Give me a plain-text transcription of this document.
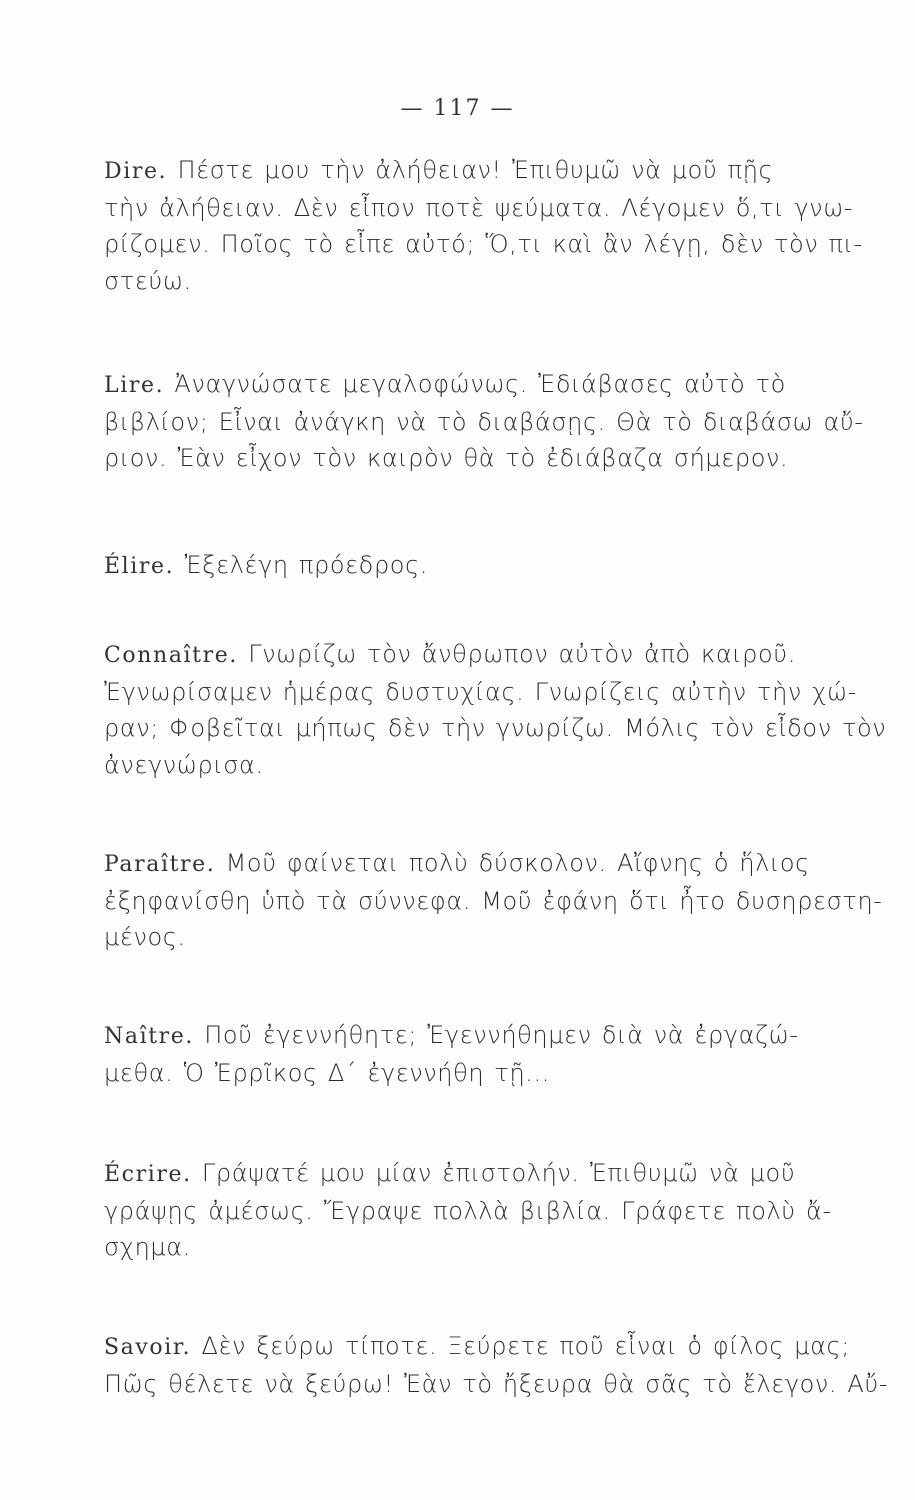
— 117 —
Dire. Πέστε μου τὴν ἀλήθειαν! Ἐπιθυμῶ νὰ μοῦ πῇς
τὴν ἀλήθειαν. Δὲν εἶπον ποτὲ ψεύματα. Λέγομεν ὅ,τι γνω-
ρίζομεν. Ποῖος τὸ εἶπε αὐτό; Ὅ,τι καὶ ἂν λέγῃ, δὲν τὸν πι-
στεύω.
Lire. Ἀναγνώσατε μεγαλοφώνως. Ἐδιάβασες αὐτὸ τὸ
βιβλίον; Εἶναι ἀνάγκη νὰ τὸ διαβάσῃς. Θὰ τὸ διαβάσω αὔ-
ριον. Ἐὰν εἶχον τὸν καιρὸν θὰ τὸ ἐδιάβαζα σήμερον.
Élire. Ἐξελέγη πρόεδρος.
Connaître. Γνωρίζω τὸν ἄνθρωπον αὐτὸν ἀπὸ καιροῦ.
Ἐγνωρίσαμεν ἡμέρας δυστυχίας. Γνωρίζεις αὐτὴν τὴν χώ-
ραν; Φοβεῖται μήπως δὲν τὴν γνωρίζω. Μόλις τὸν εἶδον τὸν
ἀνεγνώρισα.
Paraître. Μοῦ φαίνεται πολὺ δύσκολον. Αἴφνης ὁ ἥλιος
ἐξηφανίσθη ὑπὸ τὰ σύννεφα. Μοῦ ἐφάνη ὅτι ἦτο δυσηρεστη-
μένος.
Naître. Ποῦ ἐγεννήθητε; Ἐγεννήθημεν διὰ νὰ ἐργαζώ-
μεθα. Ὁ Ἐρρῖκος Δ´ ἐγεννήθη τῇ...
Écrire. Γράψατέ μου μίαν ἐπιστολήν. Ἐπιθυμῶ νὰ μοῦ
γράψῃς ἀμέσως. Ἔγραψε πολλὰ βιβλία. Γράφετε πολὺ ἄ-
σχημα.
Savoir. Δὲν ξεύρω τίποτε. Ξεύρετε ποῦ εἶναι ὁ φίλος μας;
Πῶς θέλετε νὰ ξεύρω! Ἐὰν τὸ ἤξευρα θὰ σᾶς τὸ ἔλεγον. Αὔ-
